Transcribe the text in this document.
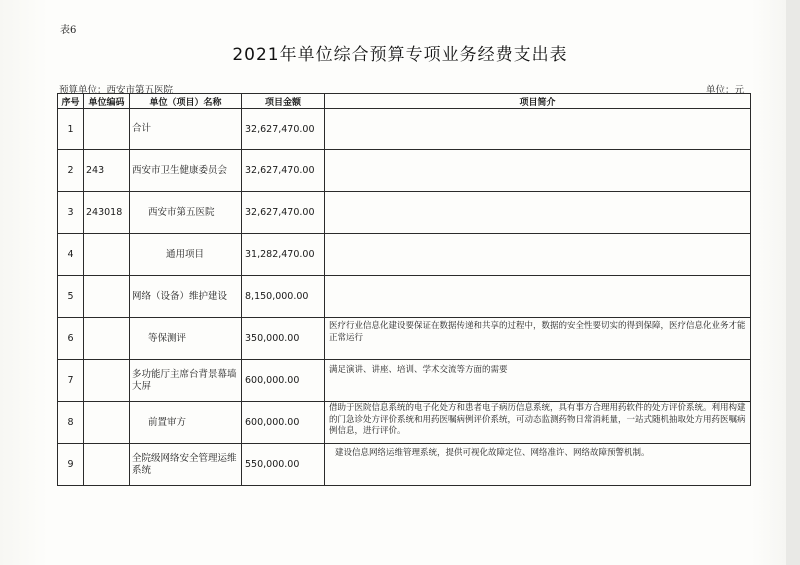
表6
2021年单位综合预算专项业务经费支出表
预算单位：西安市第五医院	单位：元
序号	单位编码	单位（项目）名称	项目金额	项目简介
1		合计	32,627,470.00	
2	243	西安市卫生健康委员会	32,627,470.00	
3	243018	西安市第五医院	32,627,470.00	
4		通用项目	31,282,470.00	
5		网络（设备）维护建设	8,150,000.00	
6		等保测评	350,000.00	医疗行业信息化建设要保证在数据传递和共享的过程中，数据的安全性要切实的得到保障，医疗信息化业务才能正常运行
7		多功能厅主席台背景幕墙大屏	600,000.00	满足演讲、讲座、培训、学术交流等方面的需要
8		前置审方	600,000.00	借助于医院信息系统的电子化处方和患者电子病历信息系统，具有事方合理用药软件的处方评价系统。利用构建的门急诊处方评价系统和用药医嘱病例评价系统，可动态监测药物日常消耗量，一站式随机抽取处方用药医嘱病例信息，进行评价。
9		全院级网络安全管理运维系统	550,000.00	建设信息网络运维管理系统，提供可视化故障定位、网络准许、网络故障预警机制。
